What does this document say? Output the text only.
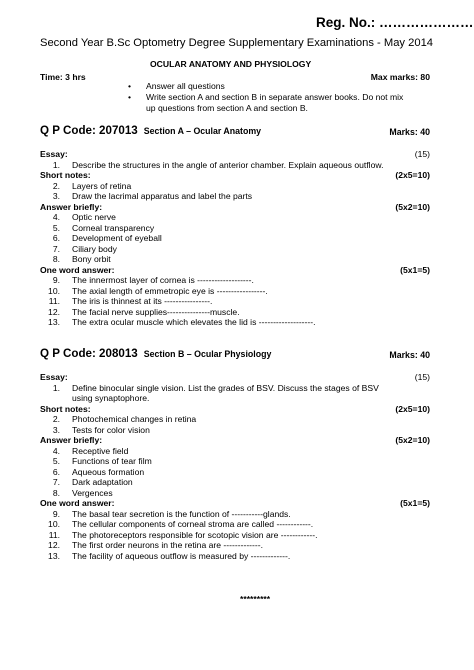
Reg. No.: …………………
Second Year B.Sc Optometry Degree Supplementary Examinations - May 2014
OCULAR ANATOMY AND PHYSIOLOGY
Time: 3 hrs	Max marks: 80
• Answer all questions
• Write section A and section B in separate answer books. Do not mix
up questions from section A and section B.
Q P Code: 207013 Section A – Ocular Anatomy	Marks: 40
Essay:	(15)
1. Describe the structures in the angle of anterior chamber. Explain aqueous outflow.
Short notes:	(2x5=10)
2. Layers of retina
3. Draw the lacrimal apparatus and label the parts
Answer briefly:	(5x2=10)
4. Optic nerve
5. Corneal transparency
6. Development of eyeball
7. Ciliary body
8. Bony orbit
One word answer:	(5x1=5)
9. The innermost layer of cornea is -------------------.
10. The axial length of emmetropic eye is -----------------.
11. The iris is thinnest at its ----------------.
12. The facial nerve supplies---------------muscle.
13. The extra ocular muscle which elevates the lid is -------------------.
Q P Code: 208013 Section B – Ocular Physiology	Marks: 40
Essay:	(15)
1. Define binocular single vision. List the grades of BSV. Discuss the stages of BSV
using synaptophore.
Short notes:	(2x5=10)
2. Photochemical changes in retina
3. Tests for color vision
Answer briefly:	(5x2=10)
4. Receptive field
5. Functions of tear film
6. Aqueous formation
7. Dark adaptation
8. Vergences
One word answer:	(5x1=5)
9. The basal tear secretion is the function of -----------glands.
10. The cellular components of corneal stroma are called ------------.
11. The photoreceptors responsible for scotopic vision are ------------.
12. The first order neurons in the retina are -------------.
13. The facility of aqueous outflow is measured by -------------.
*********
